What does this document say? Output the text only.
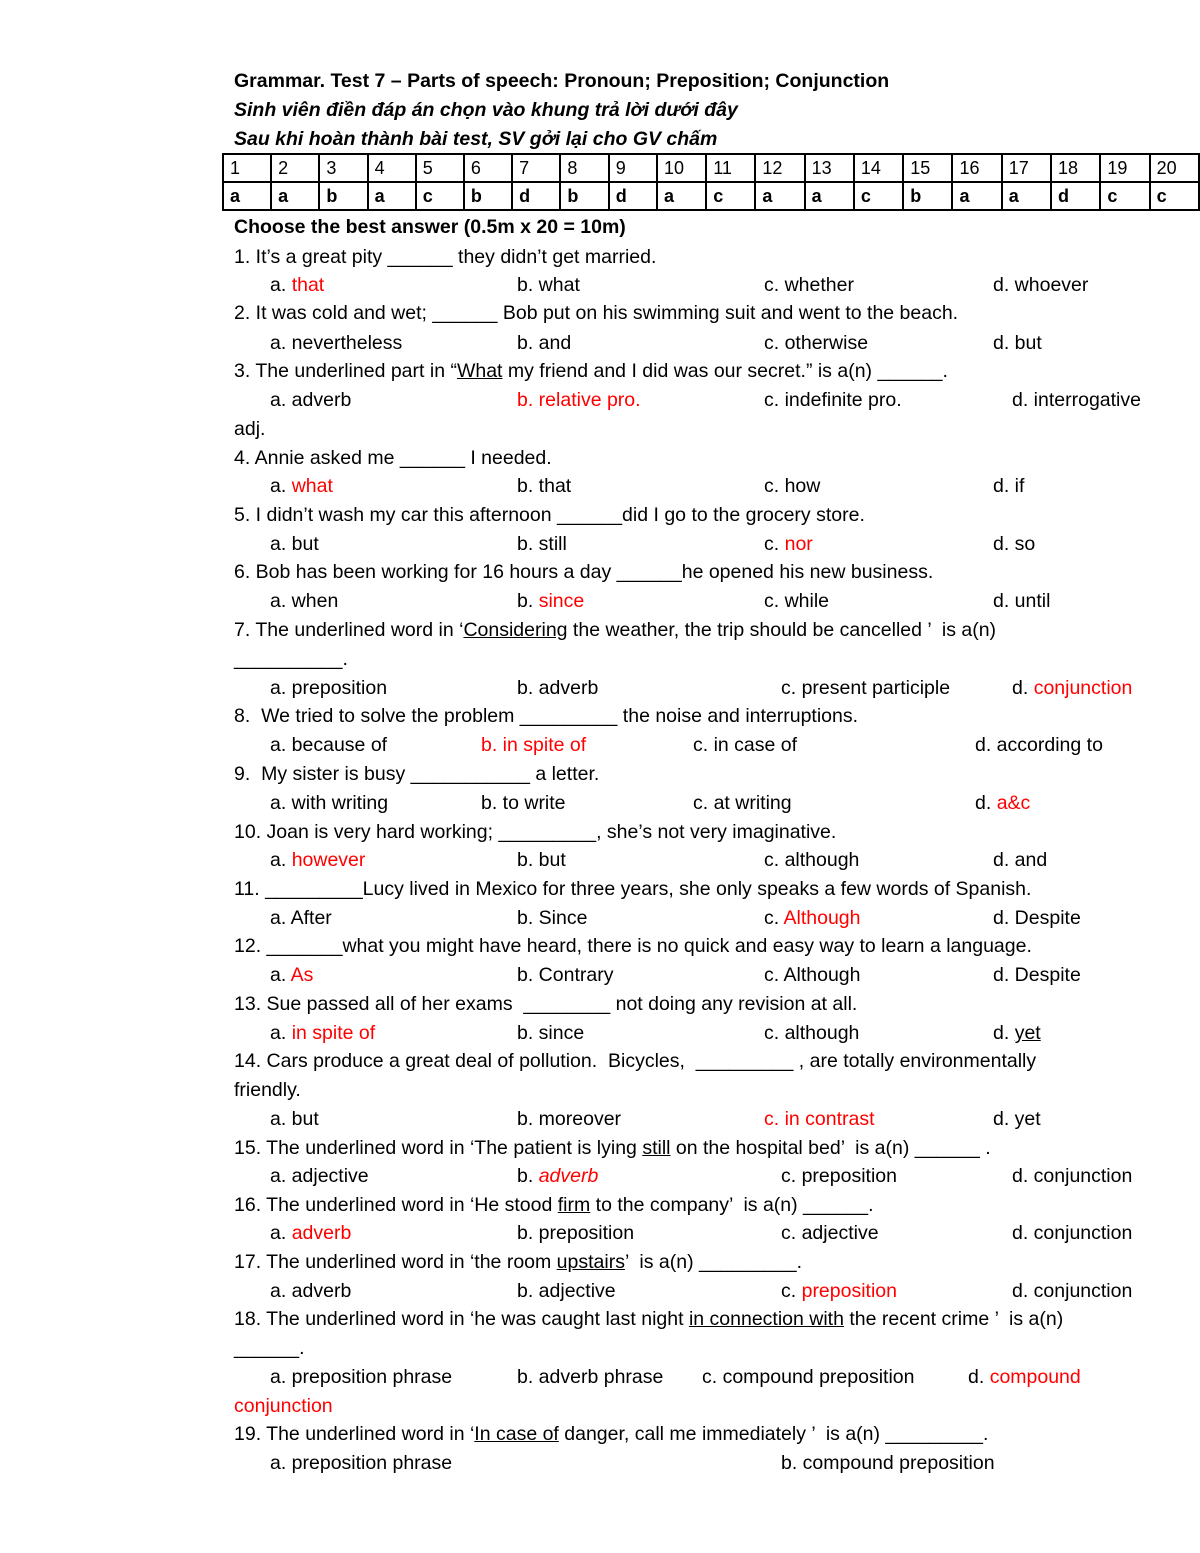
Grammar. Test 7 – Parts of speech: Pronoun; Preposition; Conjunction
Sinh viên điền đáp án chọn vào khung trả lời dưới đây
Sau khi hoàn thành bài test, SV gởi lại cho GV chấm
1	2	3	4	5	6	7	8	9	10	11	12	13	14	15	16	17	18	19	20
a	a	b	a	c	b	d	b	d	a	c	a	a	c	b	a	a	d	c	c
Choose the best answer (0.5m x 20 = 10m)
1. It’s a great pity ______ they didn’t get married.
a. that	b. what	c. whether	d. whoever
2. It was cold and wet; ______ Bob put on his swimming suit and went to the beach.
a. nevertheless	b. and	c. otherwise	d. but
3. The underlined part in “What my friend and I did was our secret.” is a(n) ______.
a. adverb	b. relative pro.	c. indefinite pro.	d. interrogative
adj.
4. Annie asked me ______ I needed.
a. what	b. that	c. how	d. if
5. I didn’t wash my car this afternoon ______did I go to the grocery store.
a. but	b. still	c. nor	d. so
6. Bob has been working for 16 hours a day ______he opened his new business.
a. when	b. since	c. while	d. until
7. The underlined word in ‘Considering the weather, the trip should be cancelled ’  is a(n)
__________.
a. preposition	b. adverb	c. present participle	d. conjunction
8.  We tried to solve the problem _________ the noise and interruptions.
a. because of	b. in spite of	c. in case of	d. according to
9.  My sister is busy ___________ a letter.
a. with writing	b. to write	c. at writing	d. a&c
10. Joan is very hard working; _________, she’s not very imaginative.
a. however	b. but	c. although	d. and
11. _________Lucy lived in Mexico for three years, she only speaks a few words of Spanish.
a. After	b. Since	c. Although	d. Despite
12. _______what you might have heard, there is no quick and easy way to learn a language.
a. As	b. Contrary	c. Although	d. Despite
13. Sue passed all of her exams  ________ not doing any revision at all.
a. in spite of	b. since	c. although	d. yet
14. Cars produce a great deal of pollution.  Bicycles,  _________ , are totally environmentally
friendly.
a. but	b. moreover	c. in contrast	d. yet
15. The underlined word in ‘The patient is lying still on the hospital bed’  is a(n) ______ .
a. adjective	b. adverb	c. preposition	d. conjunction
16. The underlined word in ‘He stood firm to the company’  is a(n) ______.
a. adverb	b. preposition	c. adjective	d. conjunction
17. The underlined word in ‘the room upstairs’  is a(n) _________.
a. adverb	b. adjective	c. preposition	d. conjunction
18. The underlined word in ‘he was caught last night in connection with the recent crime ’  is a(n)
______.
a. preposition phrase	b. adverb phrase c. compound preposition	d. compound
conjunction
19. The underlined word in ‘In case of danger, call me immediately ’  is a(n) _________.
a. preposition phrase	b. compound preposition
